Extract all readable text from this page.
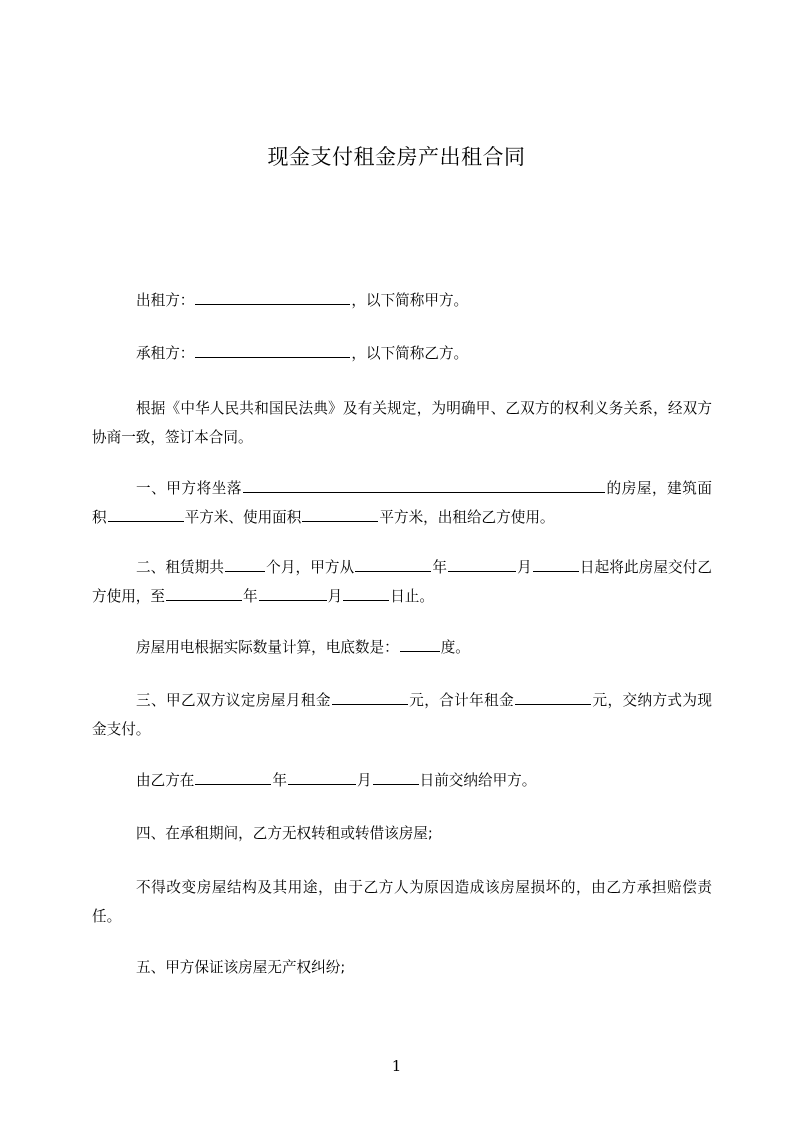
现金支付租金房产出租合同
出租方：	，以下简称甲方。
承租方：	，以下简称乙方。
根据《中华人民共和国民法典》及有关规定，为明确甲、乙双方的权利义务关系，经双方协商一致，签订本合同。
一、甲方将坐落	的房屋，建筑面积	平方米、使用面积	平方米，出租给乙方使用。
二、租赁期共	个月，甲方从	年	月	日起将此房屋交付乙方使用，至	年	月	日止。
房屋用电根据实际数量计算，电底数是：	度。
三、甲乙双方议定房屋月租金	元，合计年租金	元，交纳方式为现金支付。
由乙方在	年	月	日前交纳给甲方。
四、在承租期间，乙方无权转租或转借该房屋;
不得改变房屋结构及其用途，由于乙方人为原因造成该房屋损坏的，由乙方承担赔偿责任。
五、甲方保证该房屋无产权纠纷;
1
